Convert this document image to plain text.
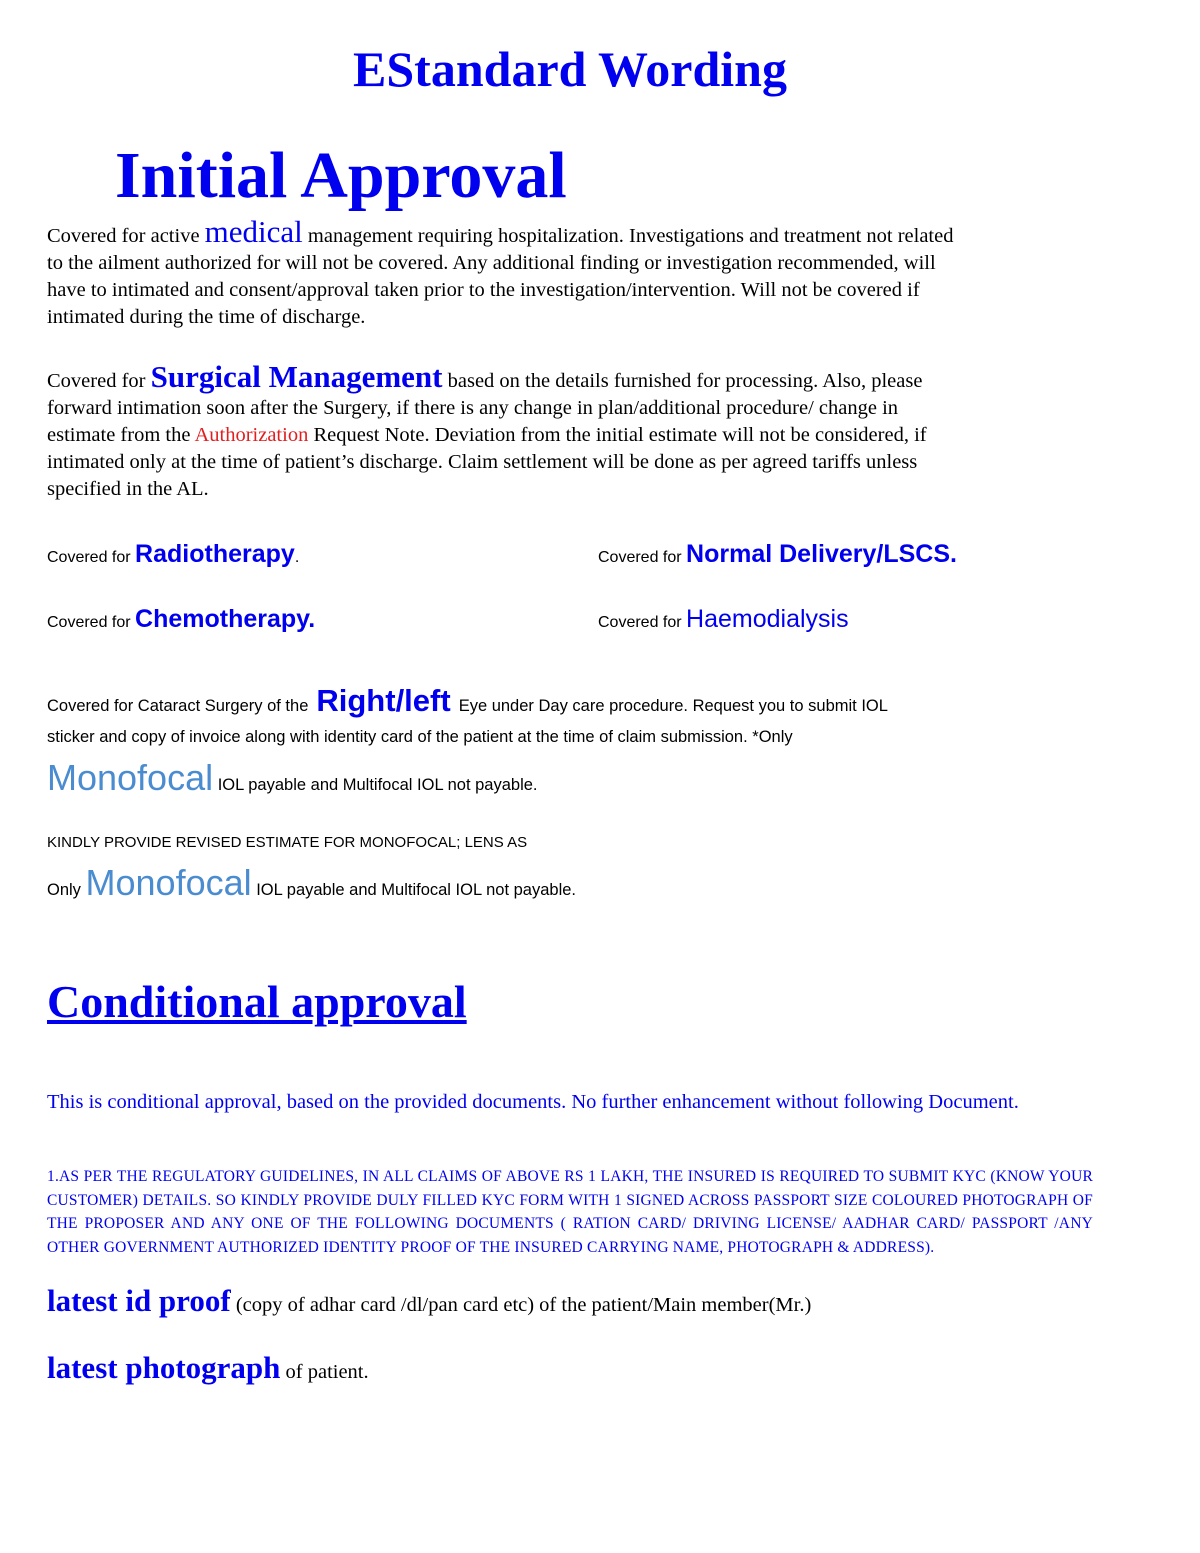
EStandard Wording
Initial Approval
Covered for active medical management requiring hospitalization. Investigations and treatment not related
to the ailment authorized for will not be covered. Any additional finding or investigation recommended, will
have to intimated and consent/approval taken prior to the investigation/intervention. Will not be covered if
intimated during the time of discharge.
Covered for Surgical Management based on the details furnished for processing. Also, please
forward intimation soon after the Surgery, if there is any change in plan/additional procedure/ change in
estimate from the Authorization Request Note. Deviation from the initial estimate will not be considered, if
intimated only at the time of patient’s discharge. Claim settlement will be done as per agreed tariffs unless
specified in the AL.
Covered for Radiotherapy.	Covered for Normal Delivery/LSCS.
Covered for Chemotherapy.	Covered for Haemodialysis
Covered for Cataract Surgery of the Right/left Eye under Day care procedure. Request you to submit IOL
sticker and copy of invoice along with identity card of the patient at the time of claim submission. *Only
Monofocal IOL payable and Multifocal IOL not payable.
KINDLY PROVIDE REVISED ESTIMATE FOR MONOFOCAL; LENS AS
Only Monofocal IOL payable and Multifocal IOL not payable.
Conditional approval
This is conditional approval, based on the provided documents. No further enhancement without following Document.
1.AS PER THE REGULATORY GUIDELINES, IN ALL CLAIMS OF ABOVE RS 1 LAKH, THE INSURED IS REQUIRED TO SUBMIT KYC (KNOW YOUR CUSTOMER) DETAILS. SO KINDLY PROVIDE DULY FILLED KYC FORM WITH 1 SIGNED ACROSS PASSPORT SIZE COLOURED PHOTOGRAPH OF THE PROPOSER AND ANY ONE OF THE FOLLOWING DOCUMENTS ( RATION CARD/ DRIVING LICENSE/ AADHAR CARD/ PASSPORT /ANY OTHER GOVERNMENT AUTHORIZED IDENTITY PROOF OF THE INSURED CARRYING NAME, PHOTOGRAPH & ADDRESS).
latest id proof (copy of adhar card /dl/pan card etc) of the patient/Main member(Mr.)
latest photograph of patient.
